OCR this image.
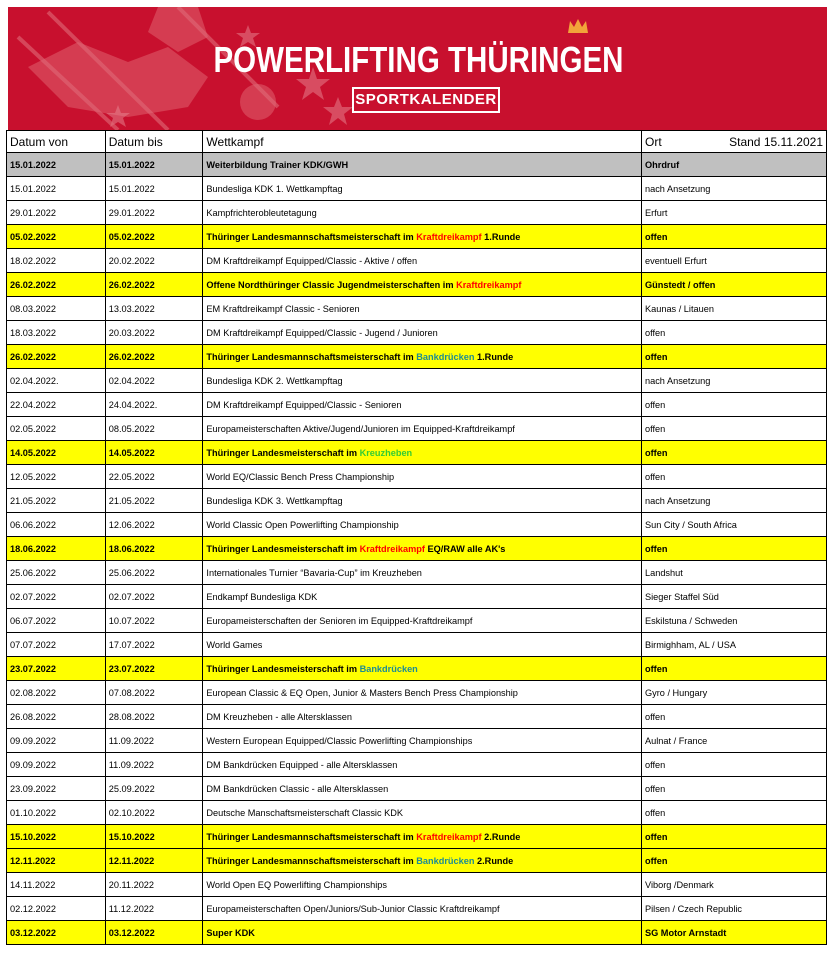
POWERLIFTING THÜRINGEN
SPORTKALENDER
Datum von	Datum bis	Wettkampf	Ort Stand 15.11.2021

15.01.2022	15.01.2022	Weiterbildung Trainer KDK/GWH	Ohrdruf
15.01.2022	15.01.2022	Bundesliga KDK 1. Wettkampftag	nach Ansetzung
29.01.2022	29.01.2022	Kampfrichterobleutetagung	Erfurt
05.02.2022	05.02.2022	Thüringer Landesmannschaftsmeisterschaft im Kraftdreikampf 1.Runde	offen
18.02.2022	20.02.2022	DM Kraftdreikampf Equipped/Classic - Aktive / offen	eventuell Erfurt
26.02.2022	26.02.2022	Offene Nordthüringer Classic Jugendmeisterschaften im Kraftdreikampf	Günstedt / offen
08.03.2022	13.03.2022	EM Kraftdreikampf Classic - Senioren	Kaunas / Litauen
18.03.2022	20.03.2022	DM Kraftdreikampf Equipped/Classic - Jugend / Junioren	offen
26.02.2022	26.02.2022	Thüringer Landesmannschaftsmeisterschaft im Bankdrücken 1.Runde	offen
02.04.2022.	02.04.2022	Bundesliga KDK 2. Wettkampftag	nach Ansetzung
22.04.2022	24.04.2022.	DM Kraftdreikampf Equipped/Classic - Senioren	offen
02.05.2022	08.05.2022	Europameisterschaften Aktive/Jugend/Junioren im Equipped-Kraftdreikampf	offen
14.05.2022	14.05.2022	Thüringer Landesmeisterschaft im Kreuzheben	offen
12.05.2022	22.05.2022	World EQ/Classic Bench Press Championship	offen
21.05.2022	21.05.2022	Bundesliga KDK 3. Wettkampftag	nach Ansetzung
06.06.2022	12.06.2022	World Classic Open Powerlifting Championship	Sun City / South Africa
18.06.2022	18.06.2022	Thüringer Landesmeisterschaft im Kraftdreikampf EQ/RAW alle AK's	offen
25.06.2022	25.06.2022	Internationales Turnier “Bavaria-Cup” im Kreuzheben	Landshut
02.07.2022	02.07.2022	Endkampf Bundesliga KDK	Sieger Staffel Süd
06.07.2022	10.07.2022	Europameisterschaften der Senioren im Equipped-Kraftdreikampf	Eskilstuna / Schweden
07.07.2022	17.07.2022	World Games	Birmighham, AL / USA
23.07.2022	23.07.2022	Thüringer Landesmeisterschaft im Bankdrücken	offen
02.08.2022	07.08.2022	European Classic & EQ Open, Junior & Masters Bench Press Championship	Gyro / Hungary
26.08.2022	28.08.2022	DM Kreuzheben - alle Altersklassen	offen
09.09.2022	11.09.2022	Western European Equipped/Classic Powerlifting Championships	Aulnat / France
09.09.2022	11.09.2022	DM Bankdrücken Equipped - alle Altersklassen	offen
23.09.2022	25.09.2022	DM Bankdrücken Classic - alle Altersklassen	offen
01.10.2022	02.10.2022	Deutsche Manschaftsmeisterschaft Classic KDK	offen
15.10.2022	15.10.2022	Thüringer Landesmannschaftsmeisterschaft im Kraftdreikampf 2.Runde	offen
12.11.2022	12.11.2022	Thüringer Landesmannschaftsmeisterschaft im Bankdrücken 2.Runde	offen
14.11.2022	20.11.2022	World Open EQ Powerlifting Championships	Viborg /Denmark
02.12.2022	11.12.2022	Europameisterschaften Open/Juniors/Sub-Junior Classic Kraftdreikampf	Pilsen / Czech Republic
03.12.2022	03.12.2022	Super KDK	SG Motor Arnstadt
